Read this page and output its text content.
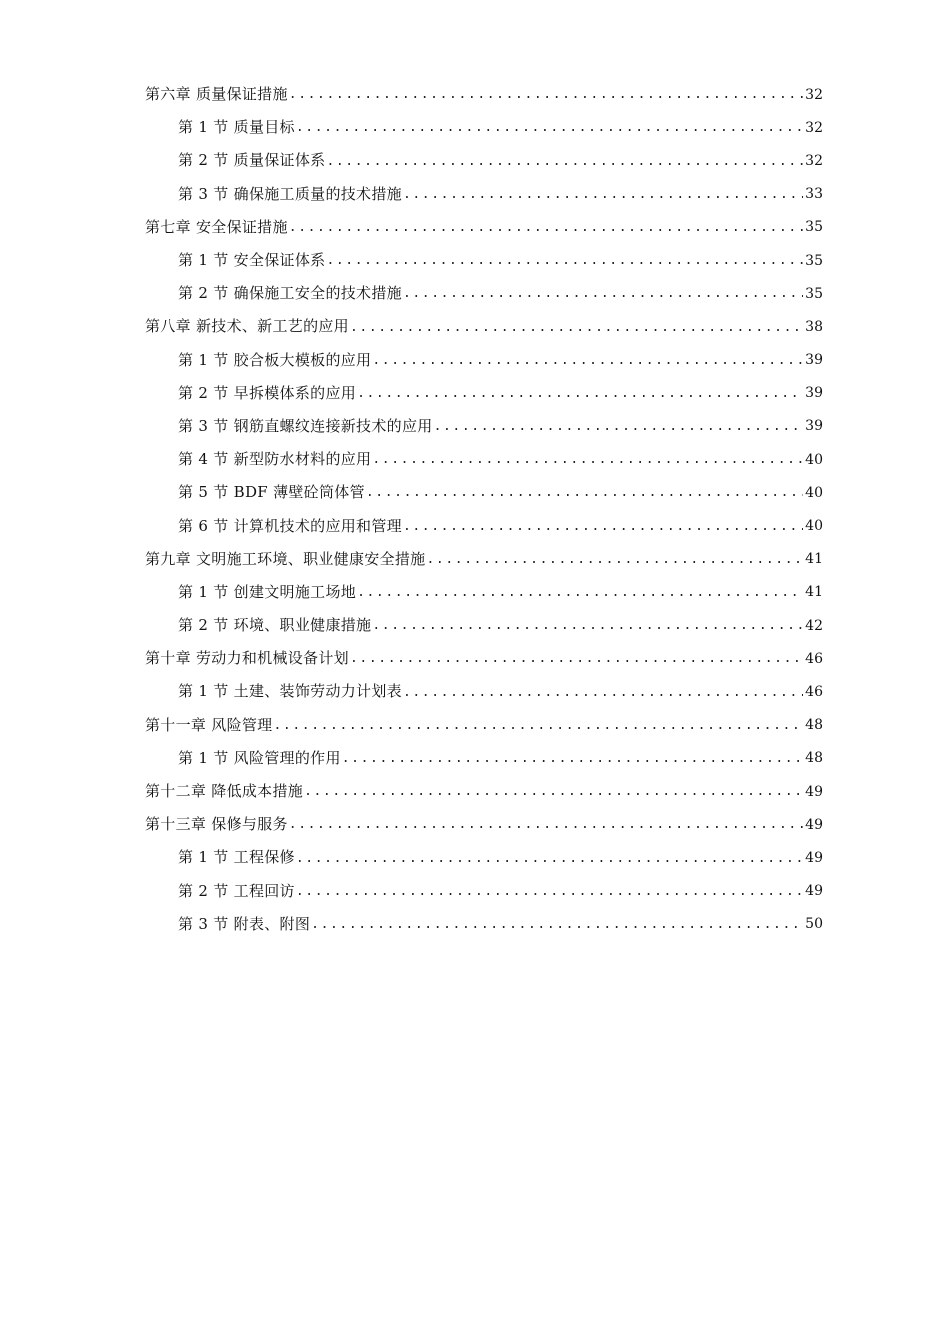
第六章 质量保证措施 .....	32
第 1 节 质量目标 .....	32
第 2 节 质量保证体系 .....	32
第 3 节 确保施工质量的技术措施 .....	33
第七章 安全保证措施 .....	35
第 1 节 安全保证体系 .....	35
第 2 节 确保施工安全的技术措施 .....	35
第八章 新技术、新工艺的应用 .....	38
第 1 节 胶合板大模板的应用 .....	39
第 2 节 早拆模体系的应用 .....	39
第 3 节 钢筋直螺纹连接新技术的应用 .....	39
第 4 节 新型防水材料的应用 .....	40
第 5 节 BDF 薄壁砼筒体管 .....	40
第 6 节 计算机技术的应用和管理 .....	40
第九章 文明施工环境、职业健康安全措施 .....	41
第 1 节 创建文明施工场地 .....	41
第 2 节 环境、职业健康措施 .....	42
第十章 劳动力和机械设备计划 .....	46
第 1 节 土建、装饰劳动力计划表 .....	46
第十一章 风险管理 .....	48
第 1 节 风险管理的作用 .....	48
第十二章 降低成本措施 .....	49
第十三章 保修与服务 .....	49
第 1 节 工程保修 .....	49
第 2 节 工程回访 .....	49
第 3 节 附表、附图 .....	50
